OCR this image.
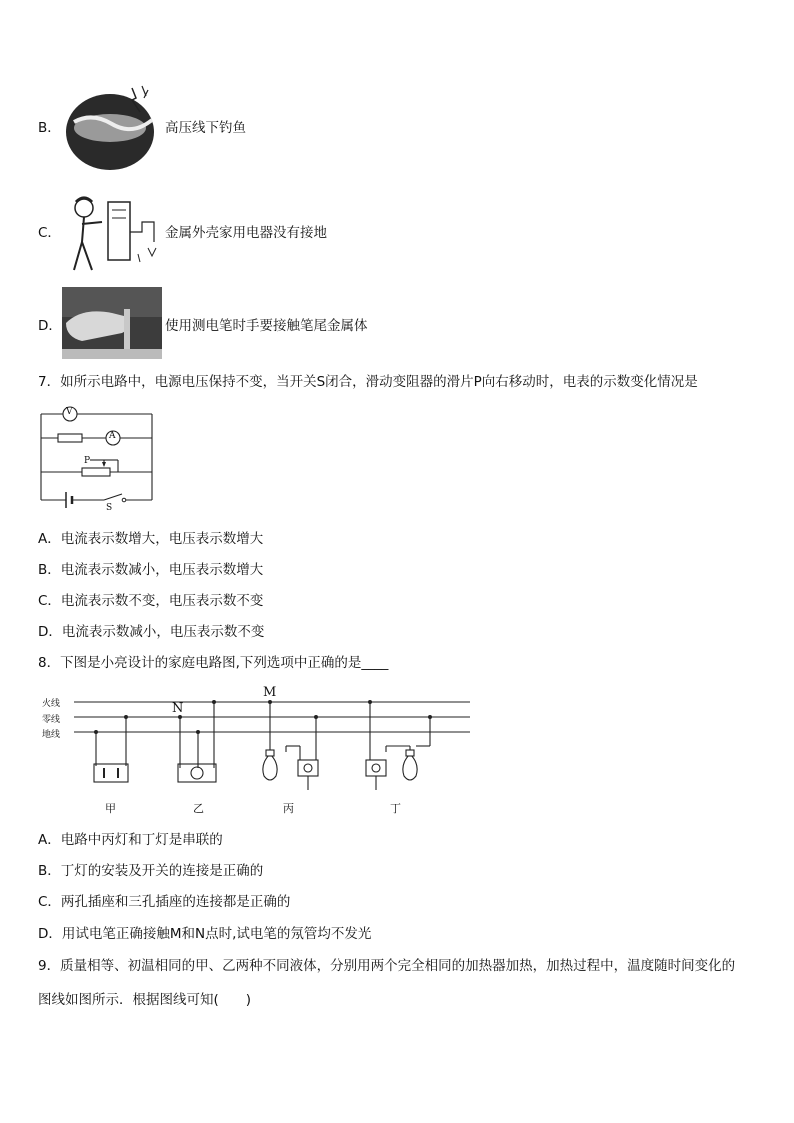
B．	高压线下钓鱼
C．	金属外壳家用电器没有接地
D．	使用测电笔时手要接触笔尾金属体
7．如所示电路中，电源电压保持不变，当开关S闭合，滑动变阻器的滑片P向右移动时，电表的示数变化情况是
V
A
P
S
A．电流表示数增大，电压表示数增大
B．电流表示数减小，电压表示数增大
C．电流表示数不变，电压表示数不变
D．电流表示数减小，电压表示数不变
8．下图是小亮设计的家庭电路图,下列选项中正确的是____
火线
零线
地线
M
N
甲	乙	丙	丁
A．电路中丙灯和丁灯是串联的
B．丁灯的安装及开关的连接是正确的
C．两孔插座和三孔插座的连接都是正确的
D．用试电笔正确接触M和N点时,试电笔的氖管均不发光
9．质量相等、初温相同的甲、乙两种不同液体，分别用两个完全相同的加热器加热，加热过程中，温度随时间变化的
图线如图所示．根据图线可知(　　)
